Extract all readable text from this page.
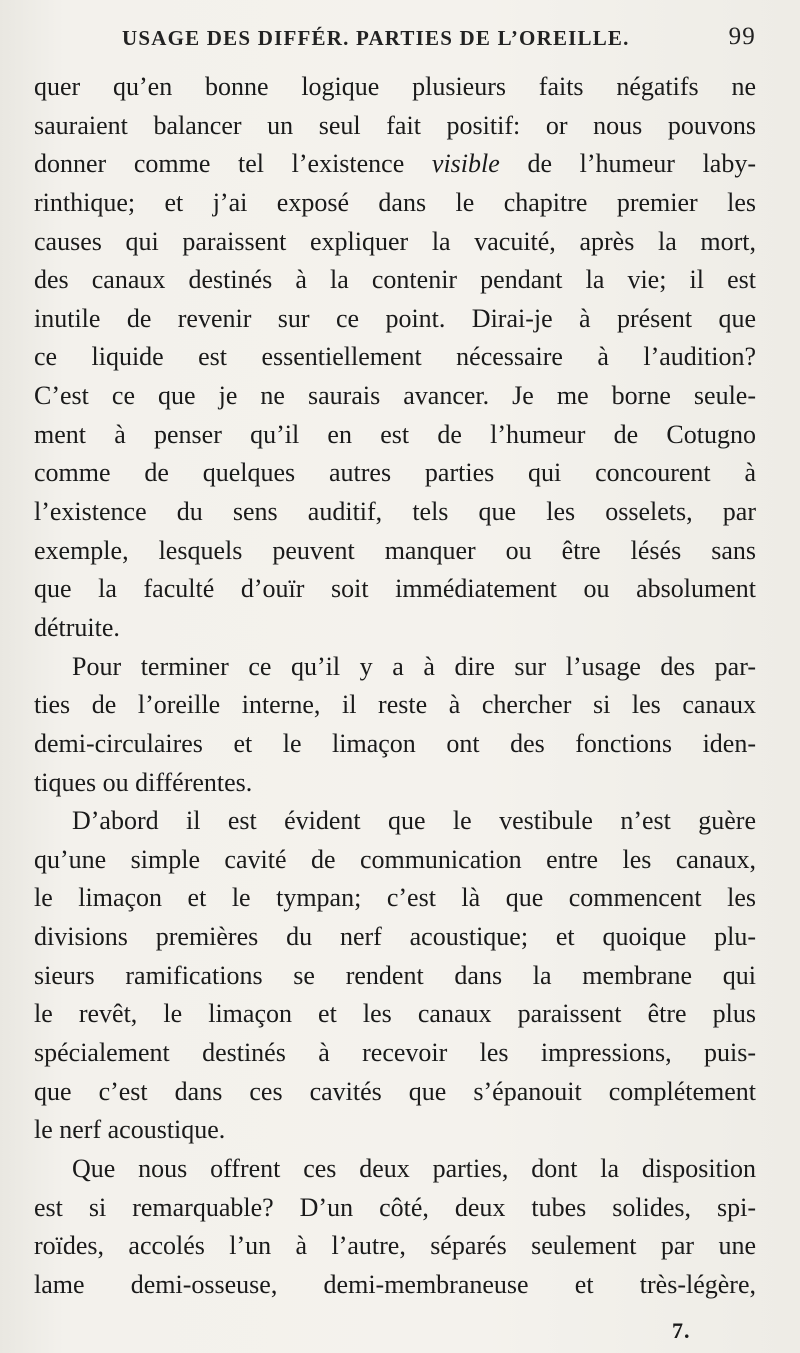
USAGE DES DIFFÉR. PARTIES DE L’OREILLE.	99
quer qu’en bonne logique plusieurs faits négatifs ne
sauraient balancer un seul fait positif: or nous pouvons
donner comme tel l’existence visible de l’humeur laby-
rinthique; et j’ai exposé dans le chapitre premier les
causes qui paraissent expliquer la vacuité, après la mort,
des canaux destinés à la contenir pendant la vie; il est
inutile de revenir sur ce point. Dirai-je à présent que
ce liquide est essentiellement nécessaire à l’audition?
C’est ce que je ne saurais avancer. Je me borne seule-
ment à penser qu’il en est de l’humeur de Cotugno
comme de quelques autres parties qui concourent à
l’existence du sens auditif, tels que les osselets, par
exemple, lesquels peuvent manquer ou être lésés sans
que la faculté d’ouïr soit immédiatement ou absolument
détruite.
Pour terminer ce qu’il y a à dire sur l’usage des par-
ties de l’oreille interne, il reste à chercher si les canaux
demi-circulaires et le limaçon ont des fonctions iden-
tiques ou différentes.
D’abord il est évident que le vestibule n’est guère
qu’une simple cavité de communication entre les canaux,
le limaçon et le tympan; c’est là que commencent les
divisions premières du nerf acoustique; et quoique plu-
sieurs ramifications se rendent dans la membrane qui
le revêt, le limaçon et les canaux paraissent être plus
spécialement destinés à recevoir les impressions, puis-
que c’est dans ces cavités que s’épanouit complétement
le nerf acoustique.
Que nous offrent ces deux parties, dont la disposition
est si remarquable? D’un côté, deux tubes solides, spi-
roïdes, accolés l’un à l’autre, séparés seulement par une
lame demi-osseuse, demi-membraneuse et très-légère,
7.
